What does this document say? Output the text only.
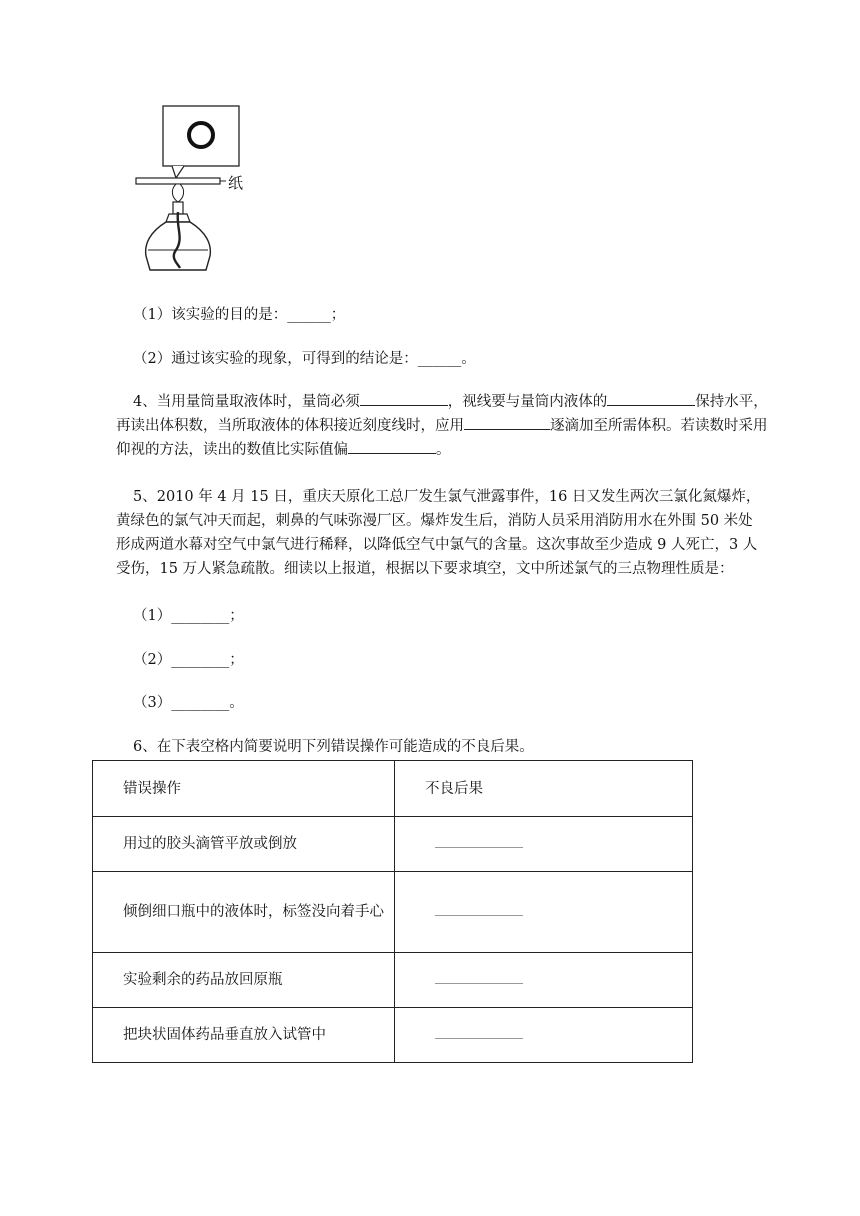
纸
（1）该实验的目的是：______；
（2）通过该实验的现象，可得到的结论是：______。
4、当用量筒量取液体时，量筒必须	，视线要与量筒内液体的	保持水平，
再读出体积数，当所取液体的体积接近刻度线时，应用	逐滴加至所需体积。若读数时采用
仰视的方法，读出的数值比实际值偏	。
5、2010 年 4 月 15 日，重庆天原化工总厂发生氯气泄露事件，16 日又发生两次三氯化氮爆炸，
黄绿色的氯气冲天而起，刺鼻的气味弥漫厂区。爆炸发生后，消防人员采用消防用水在外围 50 米处
形成两道水幕对空气中氯气进行稀释，以降低空气中氯气的含量。这次事故至少造成 9 人死亡，3 人
受伤，15 万人紧急疏散。细读以上报道，根据以下要求填空，文中所述氯气的三点物理性质是：
（1）________；
（2）________；
（3）________。
6、在下表空格内简要说明下列错误操作可能造成的不良后果。
错误操作	不良后果
用过的胶头滴管平放或倒放	
倾倒细口瓶中的液体时，标签没向着手心	
实验剩余的药品放回原瓶	
把块状固体药品垂直放入试管中	
